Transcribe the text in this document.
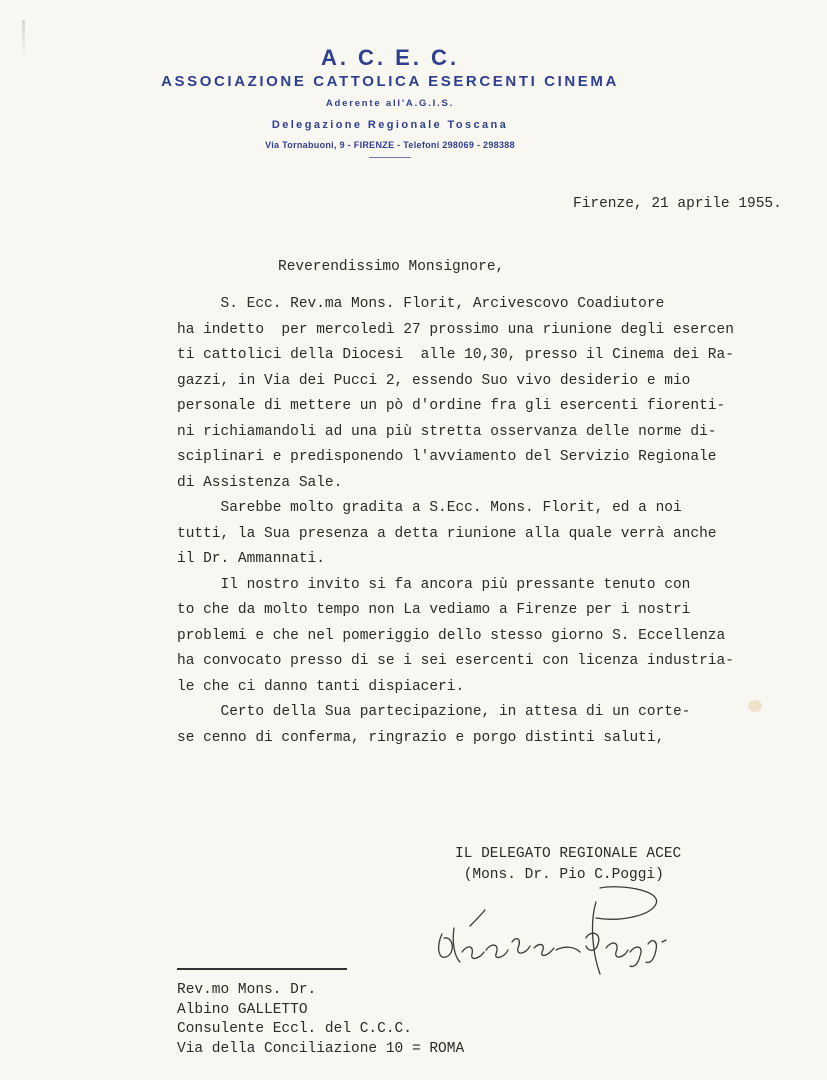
A. C. E. C.
ASSOCIAZIONE CATTOLICA ESERCENTI CINEMA
Aderente all'A.G.I.S.
Delegazione Regionale Toscana
Via Tornabuoni, 9 - FIRENZE - Telefoni 298069 - 298388
Firenze, 21 aprile 1955.
Reverendissimo Monsignore,

S. Ecc. Rev.ma Mons. Florit, Arcivescovo Coadiutore

ha indetto  per mercoledì 27 prossimo una riunione degli esercen

ti cattolici della Diocesi  alle 10,30, presso il Cinema dei Ra-

gazzi, in Via dei Pucci 2, essendo Suo vivo desiderio e mio

personale di mettere un pò d'ordine fra gli esercenti fiorenti-

ni richiamandoli ad una più stretta osservanza delle norme di-

sciplinari e predisponendo l'avviamento del Servizio Regionale

di Assistenza Sale.

Sarebbe molto gradita a S.Ecc. Mons. Florit, ed a noi

tutti, la Sua presenza a detta riunione alla quale verrà anche

il Dr. Ammannati.

Il nostro invito si fa ancora più pressante tenuto con

to che da molto tempo non La vediamo a Firenze per i nostri

problemi e che nel pomeriggio dello stesso giorno S. Eccellenza

ha convocato presso di se i sei esercenti con licenza industria-

le che ci danno tanti dispiaceri.

Certo della Sua partecipazione, in attesa di un corte-

se cenno di conferma, ringrazio e porgo distinti saluti,

IL DELEGATO REGIONALE ACEC
(Mons. Dr. Pio C.Poggi)
Rev.mo Mons. Dr.
Albino GALLETTO
Consulente Eccl. del C.C.C.
Via della Conciliazione 10 = ROMA
